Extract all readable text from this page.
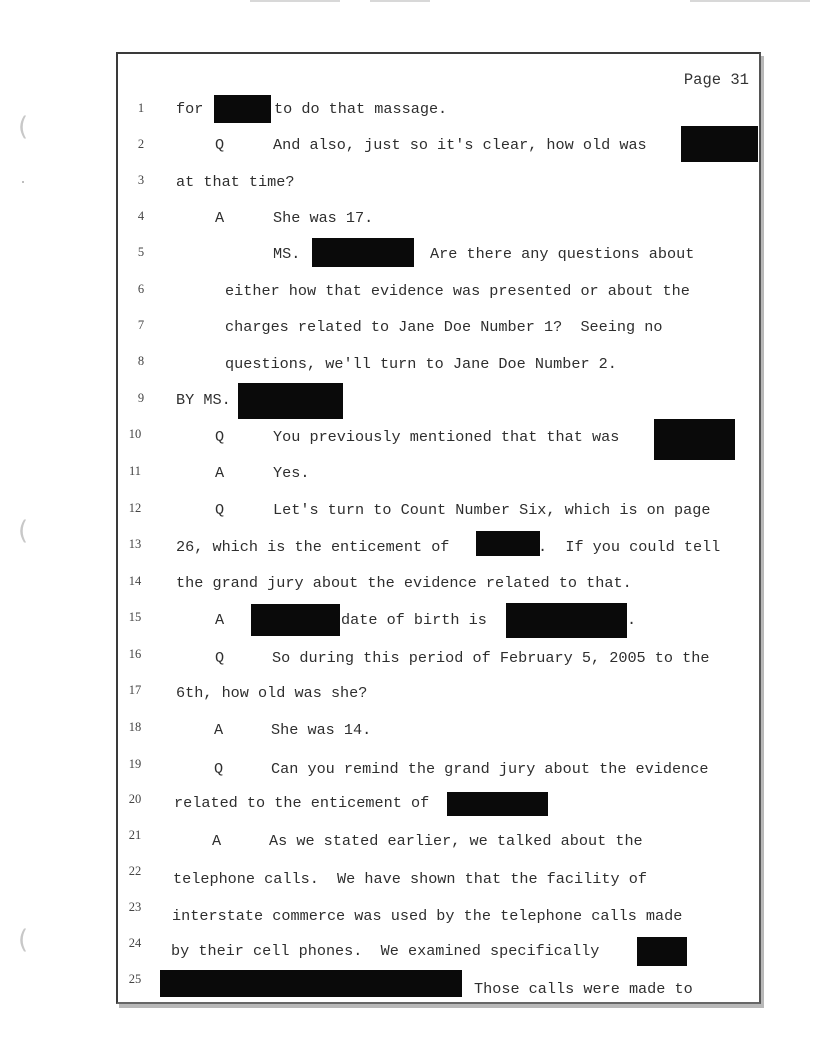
(
(
(
Page 31
1
2
3
4
5
6
7
8
9
10
11
12
13
14
15
16
17
18
19
20
21
22
23
24
25
for	to do that massage.
Q	And also, just so it's clear, how old was
at that time?
A	She was 17.
MS.	Are there any questions about
either how that evidence was presented or about the
charges related to Jane Doe Number 1?  Seeing no
questions, we'll turn to Jane Doe Number 2.
BY MS.
Q	You previously mentioned that that was
A	Yes.
Q	Let's turn to Count Number Six, which is on page
26, which is the enticement of	.  If you could tell
the grand jury about the evidence related to that.
A	date of birth is	.
Q	So during this period of February 5, 2005 to the
6th, how old was she?
A	She was 14.
Q	Can you remind the grand jury about the evidence
related to the enticement of
A	As we stated earlier, we talked about the
telephone calls.  We have shown that the facility of
interstate commerce was used by the telephone calls made
by their cell phones.  We examined specifically
Those calls were made to
